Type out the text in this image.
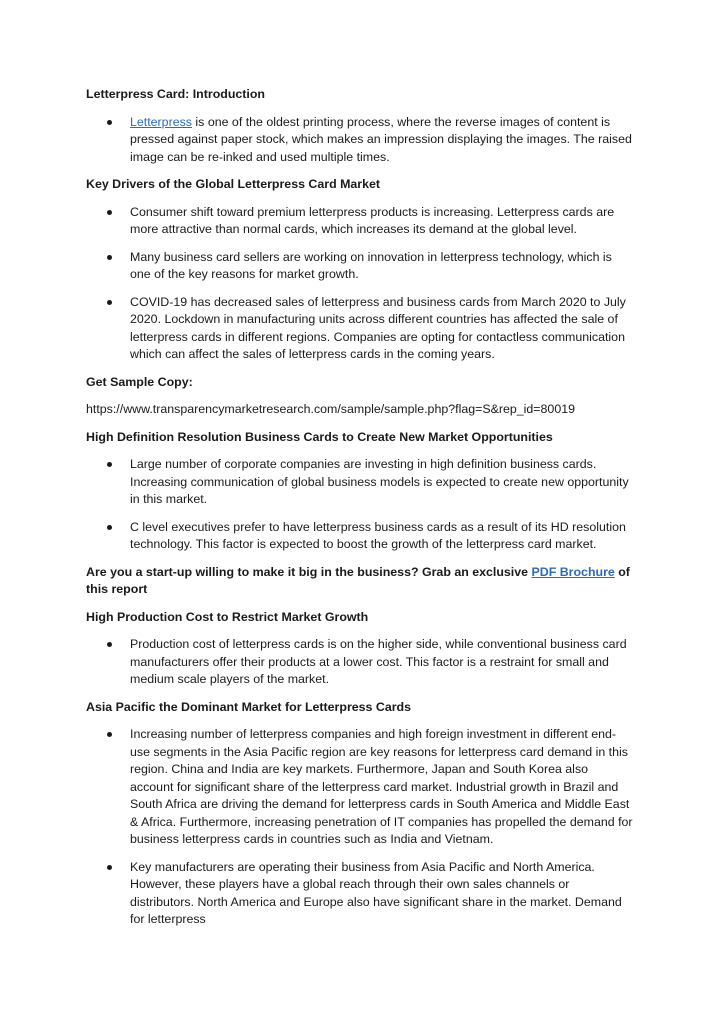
Letterpress Card: Introduction
Letterpress is one of the oldest printing process, where the reverse images of content is pressed against paper stock, which makes an impression displaying the images. The raised image can be re-inked and used multiple times.
Key Drivers of the Global Letterpress Card Market
Consumer shift toward premium letterpress products is increasing. Letterpress cards are more attractive than normal cards, which increases its demand at the global level.
Many business card sellers are working on innovation in letterpress technology, which is one of the key reasons for market growth.
COVID-19 has decreased sales of letterpress and business cards from March 2020 to July 2020. Lockdown in manufacturing units across different countries has affected the sale of letterpress cards in different regions. Companies are opting for contactless communication which can affect the sales of letterpress cards in the coming years.
Get Sample Copy:
https://www.transparencymarketresearch.com/sample/sample.php?flag=S&rep_id=80019
High Definition Resolution Business Cards to Create New Market Opportunities
Large number of corporate companies are investing in high definition business cards. Increasing communication of global business models is expected to create new opportunity in this market.
C level executives prefer to have letterpress business cards as a result of its HD resolution technology. This factor is expected to boost the growth of the letterpress card market.
Are you a start-up willing to make it big in the business? Grab an exclusive PDF Brochure of this report
High Production Cost to Restrict Market Growth
Production cost of letterpress cards is on the higher side, while conventional business card manufacturers offer their products at a lower cost. This factor is a restraint for small and medium scale players of the market.
Asia Pacific the Dominant Market for Letterpress Cards
Increasing number of letterpress companies and high foreign investment in different end-use segments in the Asia Pacific region are key reasons for letterpress card demand in this region. China and India are key markets. Furthermore, Japan and South Korea also account for significant share of the letterpress card market. Industrial growth in Brazil and South Africa are driving the demand for letterpress cards in South America and Middle East & Africa. Furthermore, increasing penetration of IT companies has propelled the demand for business letterpress cards in countries such as India and Vietnam.
Key manufacturers are operating their business from Asia Pacific and North America. However, these players have a global reach through their own sales channels or distributors. North America and Europe also have significant share in the market. Demand for letterpress
